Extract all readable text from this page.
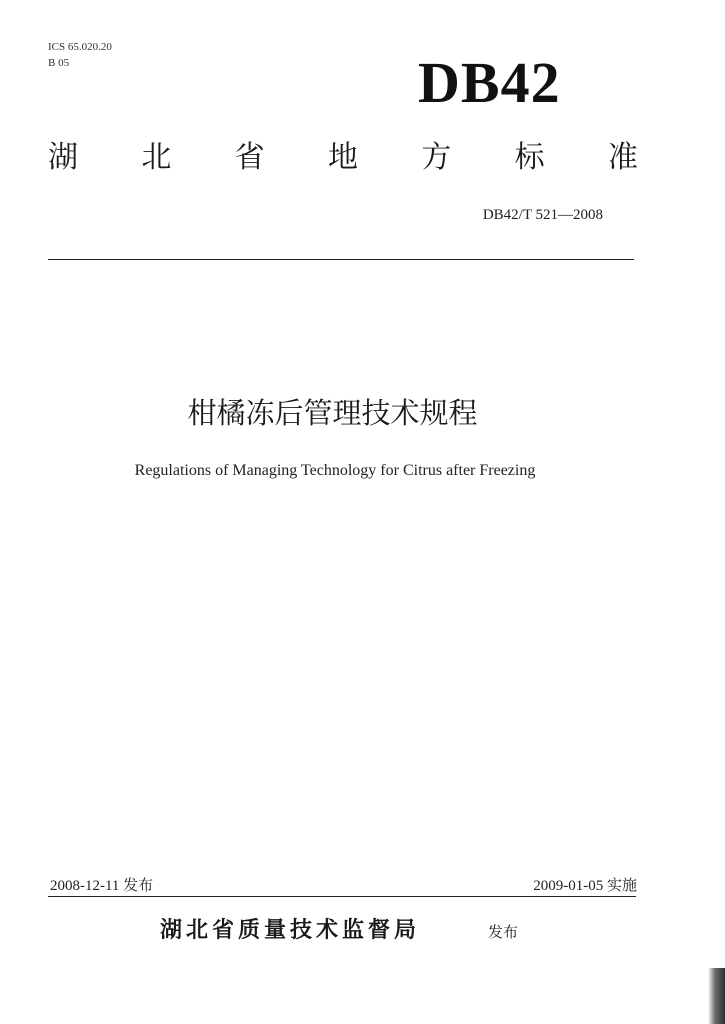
ICS 65.020.20
B 05	DB42
湖 北 省 地 方 标 准
DB42/T 521—2008
柑橘冻后管理技术规程
Regulations of Managing Technology for Citrus after Freezing
2008-12-11 发布	2009-01-05 实施
湖北省质量技术监督局	发布
